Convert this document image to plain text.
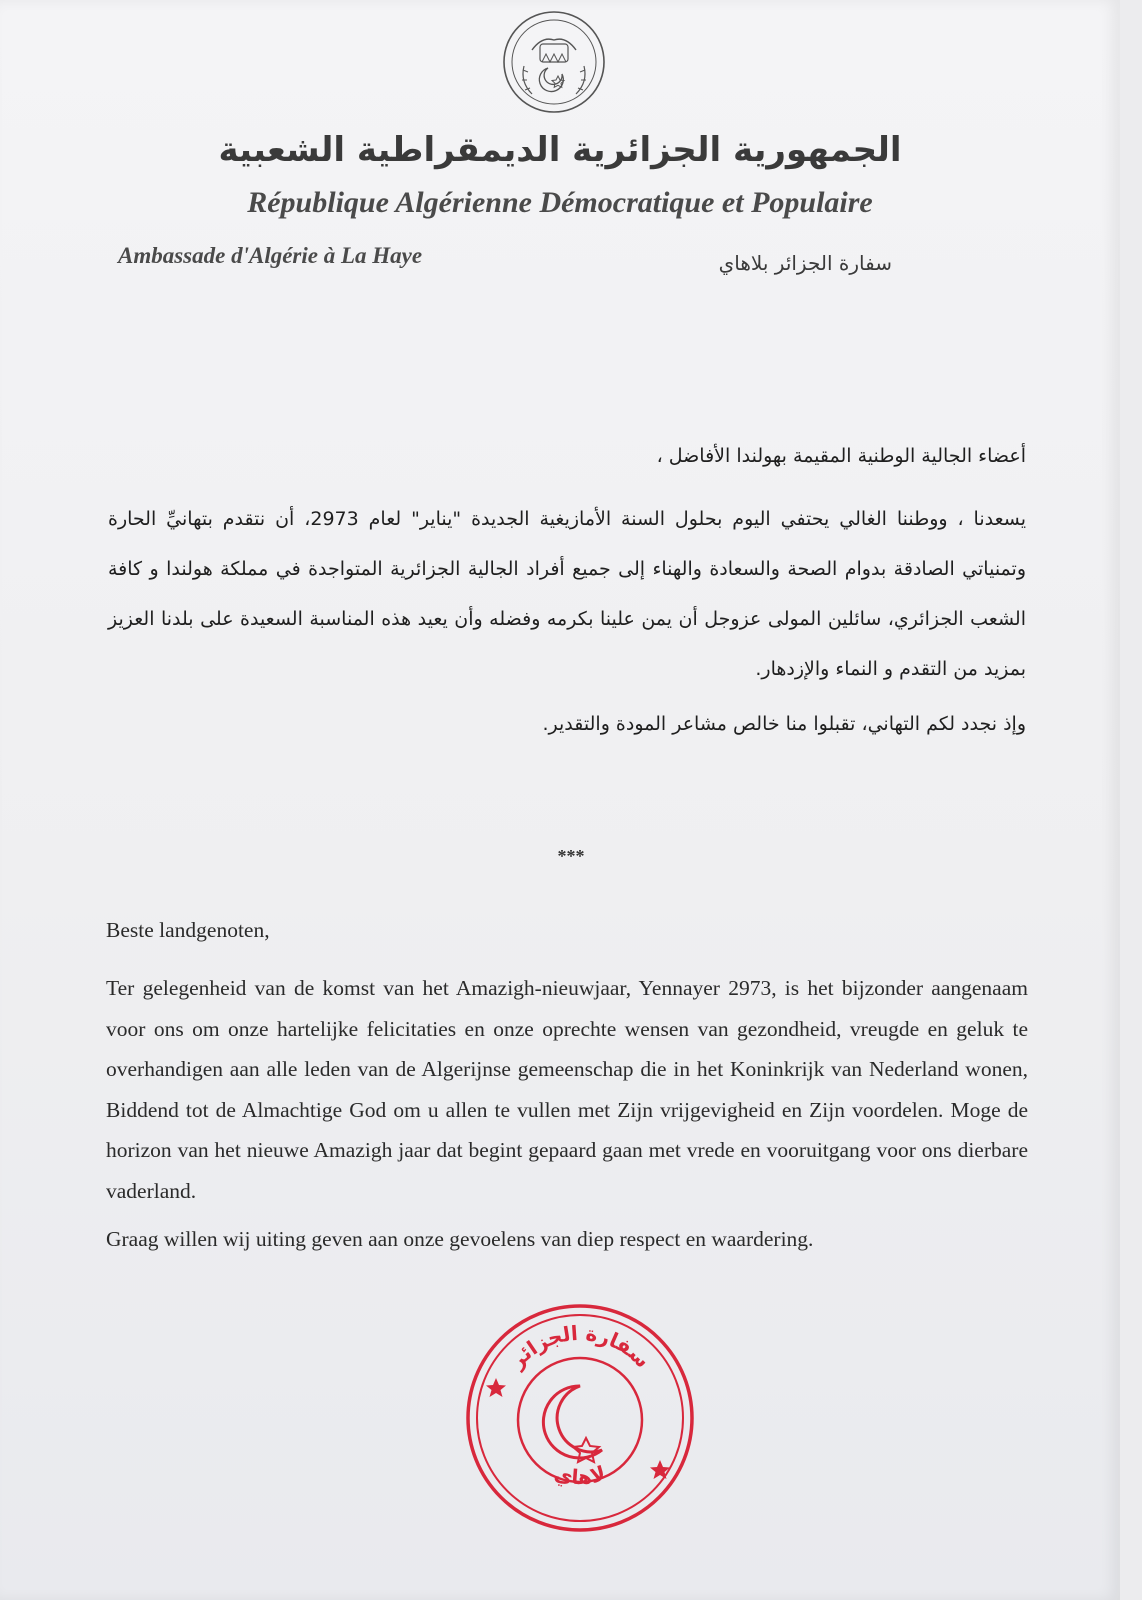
الجمهورية الجزائرية الديمقراطية الشعبية
République Algérienne Démocratique et Populaire
Ambassade d'Algérie à La Haye	سفارة الجزائر بلاهاي

أعضاء الجالية الوطنية المقيمة بهولندا الأفاضل ،

يسعدنا ، ووطننا الغالي يحتفي اليوم بحلول السنة الأمازيغية الجديدة "يناير" لعام 2973، أن نتقدم بتهانيِّ الحارة وتمنياتي الصادقة بدوام الصحة والسعادة والهناء إلى جميع أفراد الجالية الجزائرية المتواجدة في مملكة هولندا و كافة الشعب الجزائري، سائلين المولى عزوجل أن يمن علينا بكرمه وفضله وأن يعيد هذه المناسبة السعيدة على بلدنا العزيز بمزيد من التقدم و النماء والإزدهار.

وإذ نجدد لكم التهاني، تقبلوا منا خالص مشاعر المودة والتقدير.

***

Beste landgenoten,

Ter gelegenheid van de komst van het Amazigh-nieuwjaar, Yennayer 2973, is het bijzonder aangenaam voor ons om onze hartelijke felicitaties en onze oprechte wensen van gezondheid, vreugde en geluk te overhandigen aan alle leden van de Algerijnse gemeenschap die in het Koninkrijk van Nederland wonen, Biddend tot de Almachtige God om u allen te vullen met Zijn vrijgevigheid en Zijn voordelen. Moge de horizon van het nieuwe Amazigh jaar dat begint gepaard gaan met vrede en vooruitgang voor ons dierbare vaderland.

Graag willen wij uiting geven aan onze gevoelens van diep respect en waardering.

سفارة الجزائر
لاهاي
